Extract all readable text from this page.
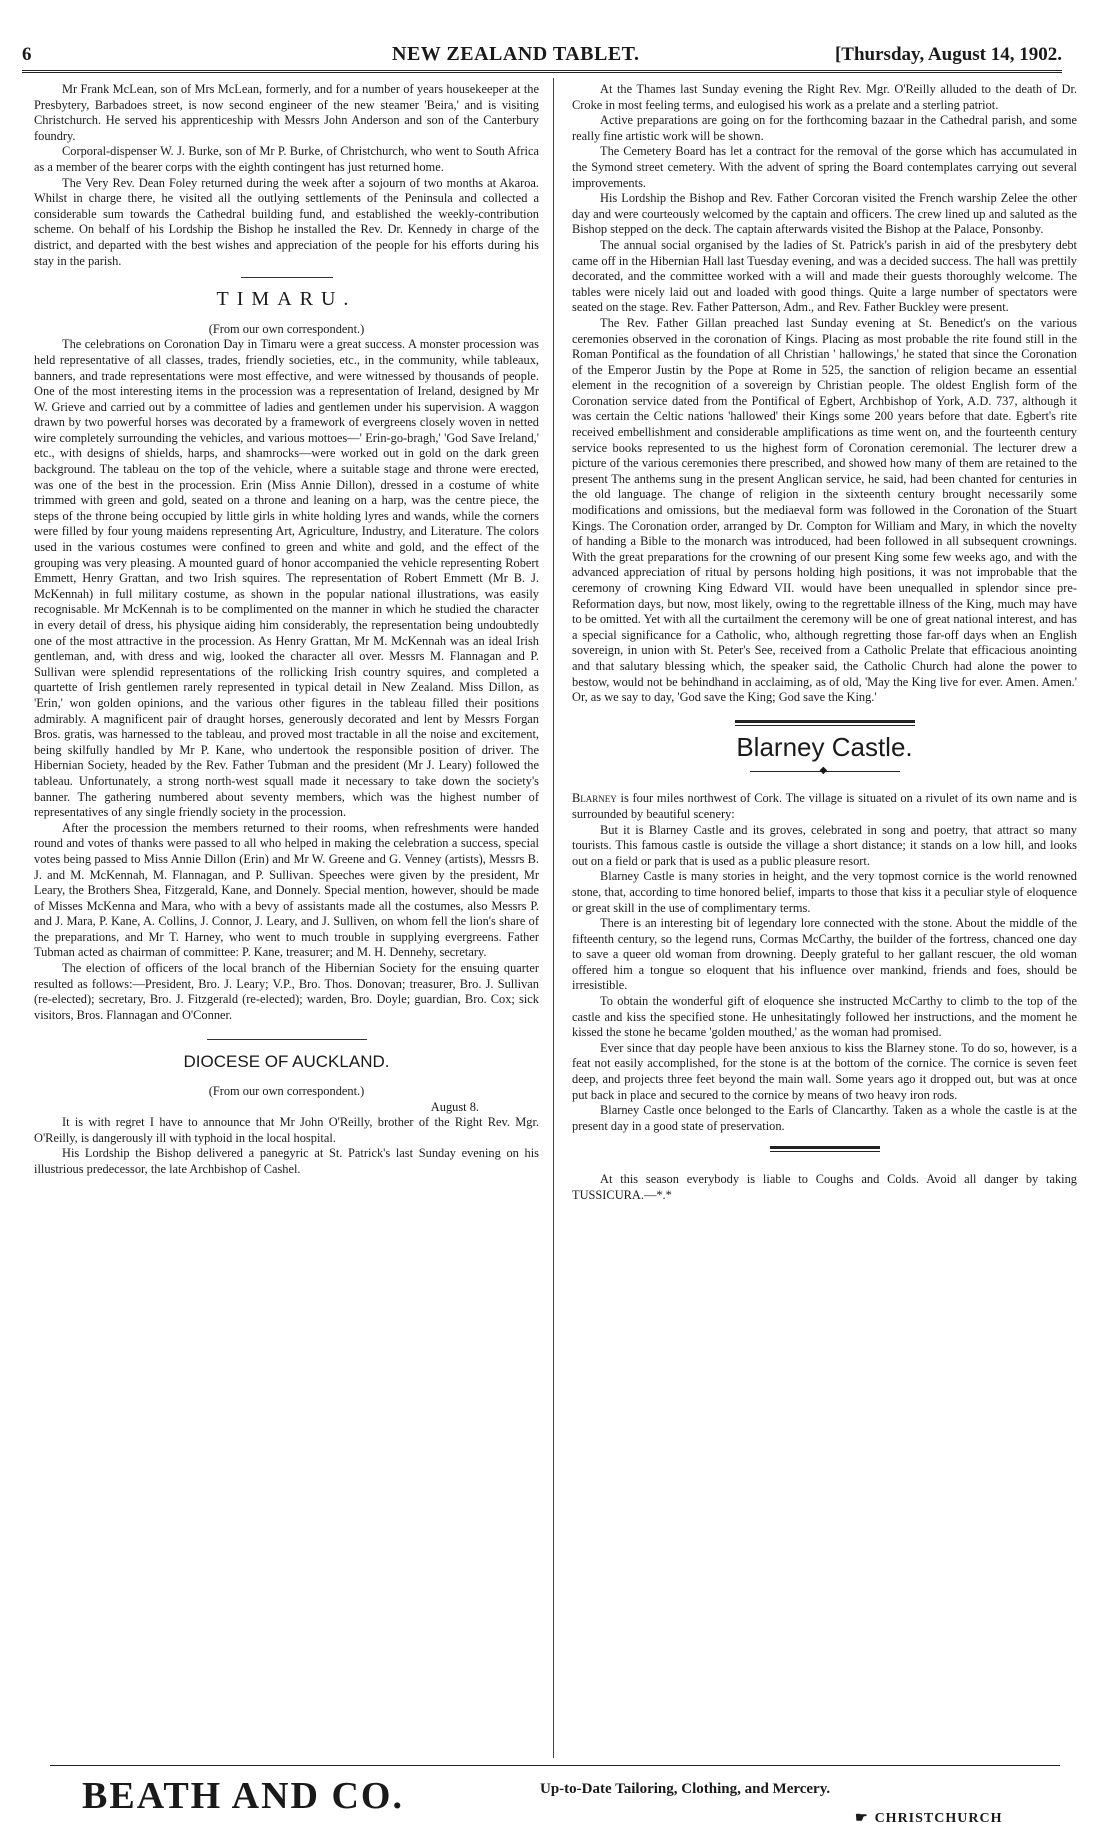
6	NEW ZEALAND TABLET.	[Thursday, August 14, 1902.

Mr Frank McLean, son of Mrs McLean, formerly, and for a number of years housekeeper at the Presbytery, Barbadoes street, is now second engineer of the new steamer 'Beira,' and is visiting Christchurch. He served his apprenticeship with Messrs John Anderson and son of the Canterbury foundry.

Corporal-dispenser W. J. Burke, son of Mr P. Burke, of Christchurch, who went to South Africa as a member of the bearer corps with the eighth contingent has just returned home.

The Very Rev. Dean Foley returned during the week after a sojourn of two months at Akaroa. Whilst in charge there, he visited all the outlying settlements of the Peninsula and collected a considerable sum towards the Cathedral building fund, and established the weekly-contribution scheme. On behalf of his Lordship the Bishop he installed the Rev. Dr. Kennedy in charge of the district, and departed with the best wishes and appreciation of the people for his efforts during his stay in the parish.

TIMARU.

(From our own correspondent.)

The celebrations on Coronation Day in Timaru were a great success. A monster procession was held representative of all classes, trades, friendly societies, etc., in the community, while tableaux, banners, and trade representations were most effective, and were witnessed by thousands of people. One of the most interesting items in the procession was a representation of Ireland, designed by Mr W. Grieve and carried out by a committee of ladies and gentlemen under his supervision. A waggon drawn by two powerful horses was decorated by a framework of evergreens closely woven in netted wire completely surrounding the vehicles, and various mottoes—' Erin-go-bragh,' 'God Save Ireland,' etc., with designs of shields, harps, and shamrocks—were worked out in gold on the dark green background. The tableau on the top of the vehicle, where a suitable stage and throne were erected, was one of the best in the procession. Erin (Miss Annie Dillon), dressed in a costume of white trimmed with green and gold, seated on a throne and leaning on a harp, was the centre piece, the steps of the throne being occupied by little girls in white holding lyres and wands, while the corners were filled by four young maidens representing Art, Agriculture, Industry, and Literature. The colors used in the various costumes were confined to green and white and gold, and the effect of the grouping was very pleasing. A mounted guard of honor accompanied the vehicle representing Robert Emmett, Henry Grattan, and two Irish squires. The representation of Robert Emmett (Mr B. J. McKennah) in full military costume, as shown in the popular national illustrations, was easily recognisable. Mr McKennah is to be complimented on the manner in which he studied the character in every detail of dress, his physique aiding him considerably, the representation being undoubtedly one of the most attractive in the procession. As Henry Grattan, Mr M. McKennah was an ideal Irish gentleman, and, with dress and wig, looked the character all over. Messrs M. Flannagan and P. Sullivan were splendid representations of the rollicking Irish country squires, and completed a quartette of Irish gentlemen rarely represented in typical detail in New Zealand. Miss Dillon, as 'Erin,' won golden opinions, and the various other figures in the tableau filled their positions admirably. A magnificent pair of draught horses, generously decorated and lent by Messrs Forgan Bros. gratis, was harnessed to the tableau, and proved most tractable in all the noise and excitement, being skilfully handled by Mr P. Kane, who undertook the responsible position of driver. The Hibernian Society, headed by the Rev. Father Tubman and the president (Mr J. Leary) followed the tableau. Unfortunately, a strong north-west squall made it necessary to take down the society's banner. The gathering numbered about seventy members, which was the highest number of representatives of any single friendly society in the procession.

After the procession the members returned to their rooms, when refreshments were handed round and votes of thanks were passed to all who helped in making the celebration a success, special votes being passed to Miss Annie Dillon (Erin) and Mr W. Greene and G. Venney (artists), Messrs B. J. and M. McKennah, M. Flannagan, and P. Sullivan. Speeches were given by the president, Mr Leary, the Brothers Shea, Fitzgerald, Kane, and Donnely. Special mention, however, should be made of Misses McKenna and Mara, who with a bevy of assistants made all the costumes, also Messrs P. and J. Mara, P. Kane, A. Collins, J. Connor, J. Leary, and J. Sulliven, on whom fell the lion's share of the preparations, and Mr T. Harney, who went to much trouble in supplying evergreens. Father Tubman acted as chairman of committee: P. Kane, treasurer; and M. H. Dennehy, secretary.

The election of officers of the local branch of the Hibernian Society for the ensuing quarter resulted as follows:—President, Bro. J. Leary; V.P., Bro. Thos. Donovan; treasurer, Bro. J. Sullivan (re-elected); secretary, Bro. J. Fitzgerald (re-elected); warden, Bro. Doyle; guardian, Bro. Cox; sick visitors, Bros. Flannagan and O'Conner.

DIOCESE OF AUCKLAND.

(From our own correspondent.)

August 8.

It is with regret I have to announce that Mr John O'Reilly, brother of the Right Rev. Mgr. O'Reilly, is dangerously ill with typhoid in the local hospital.

His Lordship the Bishop delivered a panegyric at St. Patrick's last Sunday evening on his illustrious predecessor, the late Archbishop of Cashel.

At the Thames last Sunday evening the Right Rev. Mgr. O'Reilly alluded to the death of Dr. Croke in most feeling terms, and eulogised his work as a prelate and a sterling patriot.

Active preparations are going on for the forthcoming bazaar in the Cathedral parish, and some really fine artistic work will be shown.

The Cemetery Board has let a contract for the removal of the gorse which has accumulated in the Symond street cemetery. With the advent of spring the Board contemplates carrying out several improvements.

His Lordship the Bishop and Rev. Father Corcoran visited the French warship Zelee the other day and were courteously welcomed by the captain and officers. The crew lined up and saluted as the Bishop stepped on the deck. The captain afterwards visited the Bishop at the Palace, Ponsonby.

The annual social organised by the ladies of St. Patrick's parish in aid of the presbytery debt came off in the Hibernian Hall last Tuesday evening, and was a decided success. The hall was prettily decorated, and the committee worked with a will and made their guests thoroughly welcome. The tables were nicely laid out and loaded with good things. Quite a large number of spectators were seated on the stage. Rev. Father Patterson, Adm., and Rev. Father Buckley were present.

The Rev. Father Gillan preached last Sunday evening at St. Benedict's on the various ceremonies observed in the coronation of Kings. Placing as most probable the rite found still in the Roman Pontifical as the foundation of all Christian ' hallowings,' he stated that since the Coronation of the Emperor Justin by the Pope at Rome in 525, the sanction of religion became an essential element in the recognition of a sovereign by Christian people. The oldest English form of the Coronation service dated from the Pontifical of Egbert, Archbishop of York, A.D. 737, although it was certain the Celtic nations 'hallowed' their Kings some 200 years before that date. Egbert's rite received embellishment and considerable amplifications as time went on, and the fourteenth century service books represented to us the highest form of Coronation ceremonial. The lecturer drew a picture of the various ceremonies there prescribed, and showed how many of them are retained to the present The anthems sung in the present Anglican service, he said, had been chanted for centuries in the old language. The change of religion in the sixteenth century brought necessarily some modifications and omissions, but the mediaeval form was followed in the Coronation of the Stuart Kings. The Coronation order, arranged by Dr. Compton for William and Mary, in which the novelty of handing a Bible to the monarch was introduced, had been followed in all subsequent crownings. With the great preparations for the crowning of our present King some few weeks ago, and with the advanced appreciation of ritual by persons holding high positions, it was not improbable that the ceremony of crowning King Edward VII. would have been unequalled in splendor since pre-Reformation days, but now, most likely, owing to the regrettable illness of the King, much may have to be omitted. Yet with all the curtailment the ceremony will be one of great national interest, and has a special significance for a Catholic, who, although regretting those far-off days when an English sovereign, in union with St. Peter's See, received from a Catholic Prelate that efficacious anointing and that salutary blessing which, the speaker said, the Catholic Church had alone the power to bestow, would not be behindhand in acclaiming, as of old, 'May the King live for ever. Amen. Amen.' Or, as we say to day, 'God save the King; God save the King.'

Blarney Castle.
◆

Blarney is four miles northwest of Cork. The village is situated on a rivulet of its own name and is surrounded by beautiful scenery:

But it is Blarney Castle and its groves, celebrated in song and poetry, that attract so many tourists. This famous castle is outside the village a short distance; it stands on a low hill, and looks out on a field or park that is used as a public pleasure resort.

Blarney Castle is many stories in height, and the very topmost cornice is the world renowned stone, that, according to time honored belief, imparts to those that kiss it a peculiar style of eloquence or great skill in the use of complimentary terms.

There is an interesting bit of legendary lore connected with the stone. About the middle of the fifteenth century, so the legend runs, Cormas McCarthy, the builder of the fortress, chanced one day to save a queer old woman from drowning. Deeply grateful to her gallant rescuer, the old woman offered him a tongue so eloquent that his influence over mankind, friends and foes, should be irresistible.

To obtain the wonderful gift of eloquence she instructed McCarthy to climb to the top of the castle and kiss the specified stone. He unhesitatingly followed her instructions, and the moment he kissed the stone he became 'golden mouthed,' as the woman had promised.

Ever since that day people have been anxious to kiss the Blarney stone. To do so, however, is a feat not easily accomplished, for the stone is at the bottom of the cornice. The cornice is seven feet deep, and projects three feet beyond the main wall. Some years ago it dropped out, but was at once put back in place and secured to the cornice by means of two heavy iron rods.

Blarney Castle once belonged to the Earls of Clancarthy. Taken as a whole the castle is at the present day in a good state of preservation.

At this season everybody is liable to Coughs and Colds. Avoid all danger by taking TUSSICURA.—*.*

BEATH AND CO.	Up-to-Date Tailoring, Clothing, and Mercery.
☛ CHRISTCHURCH
